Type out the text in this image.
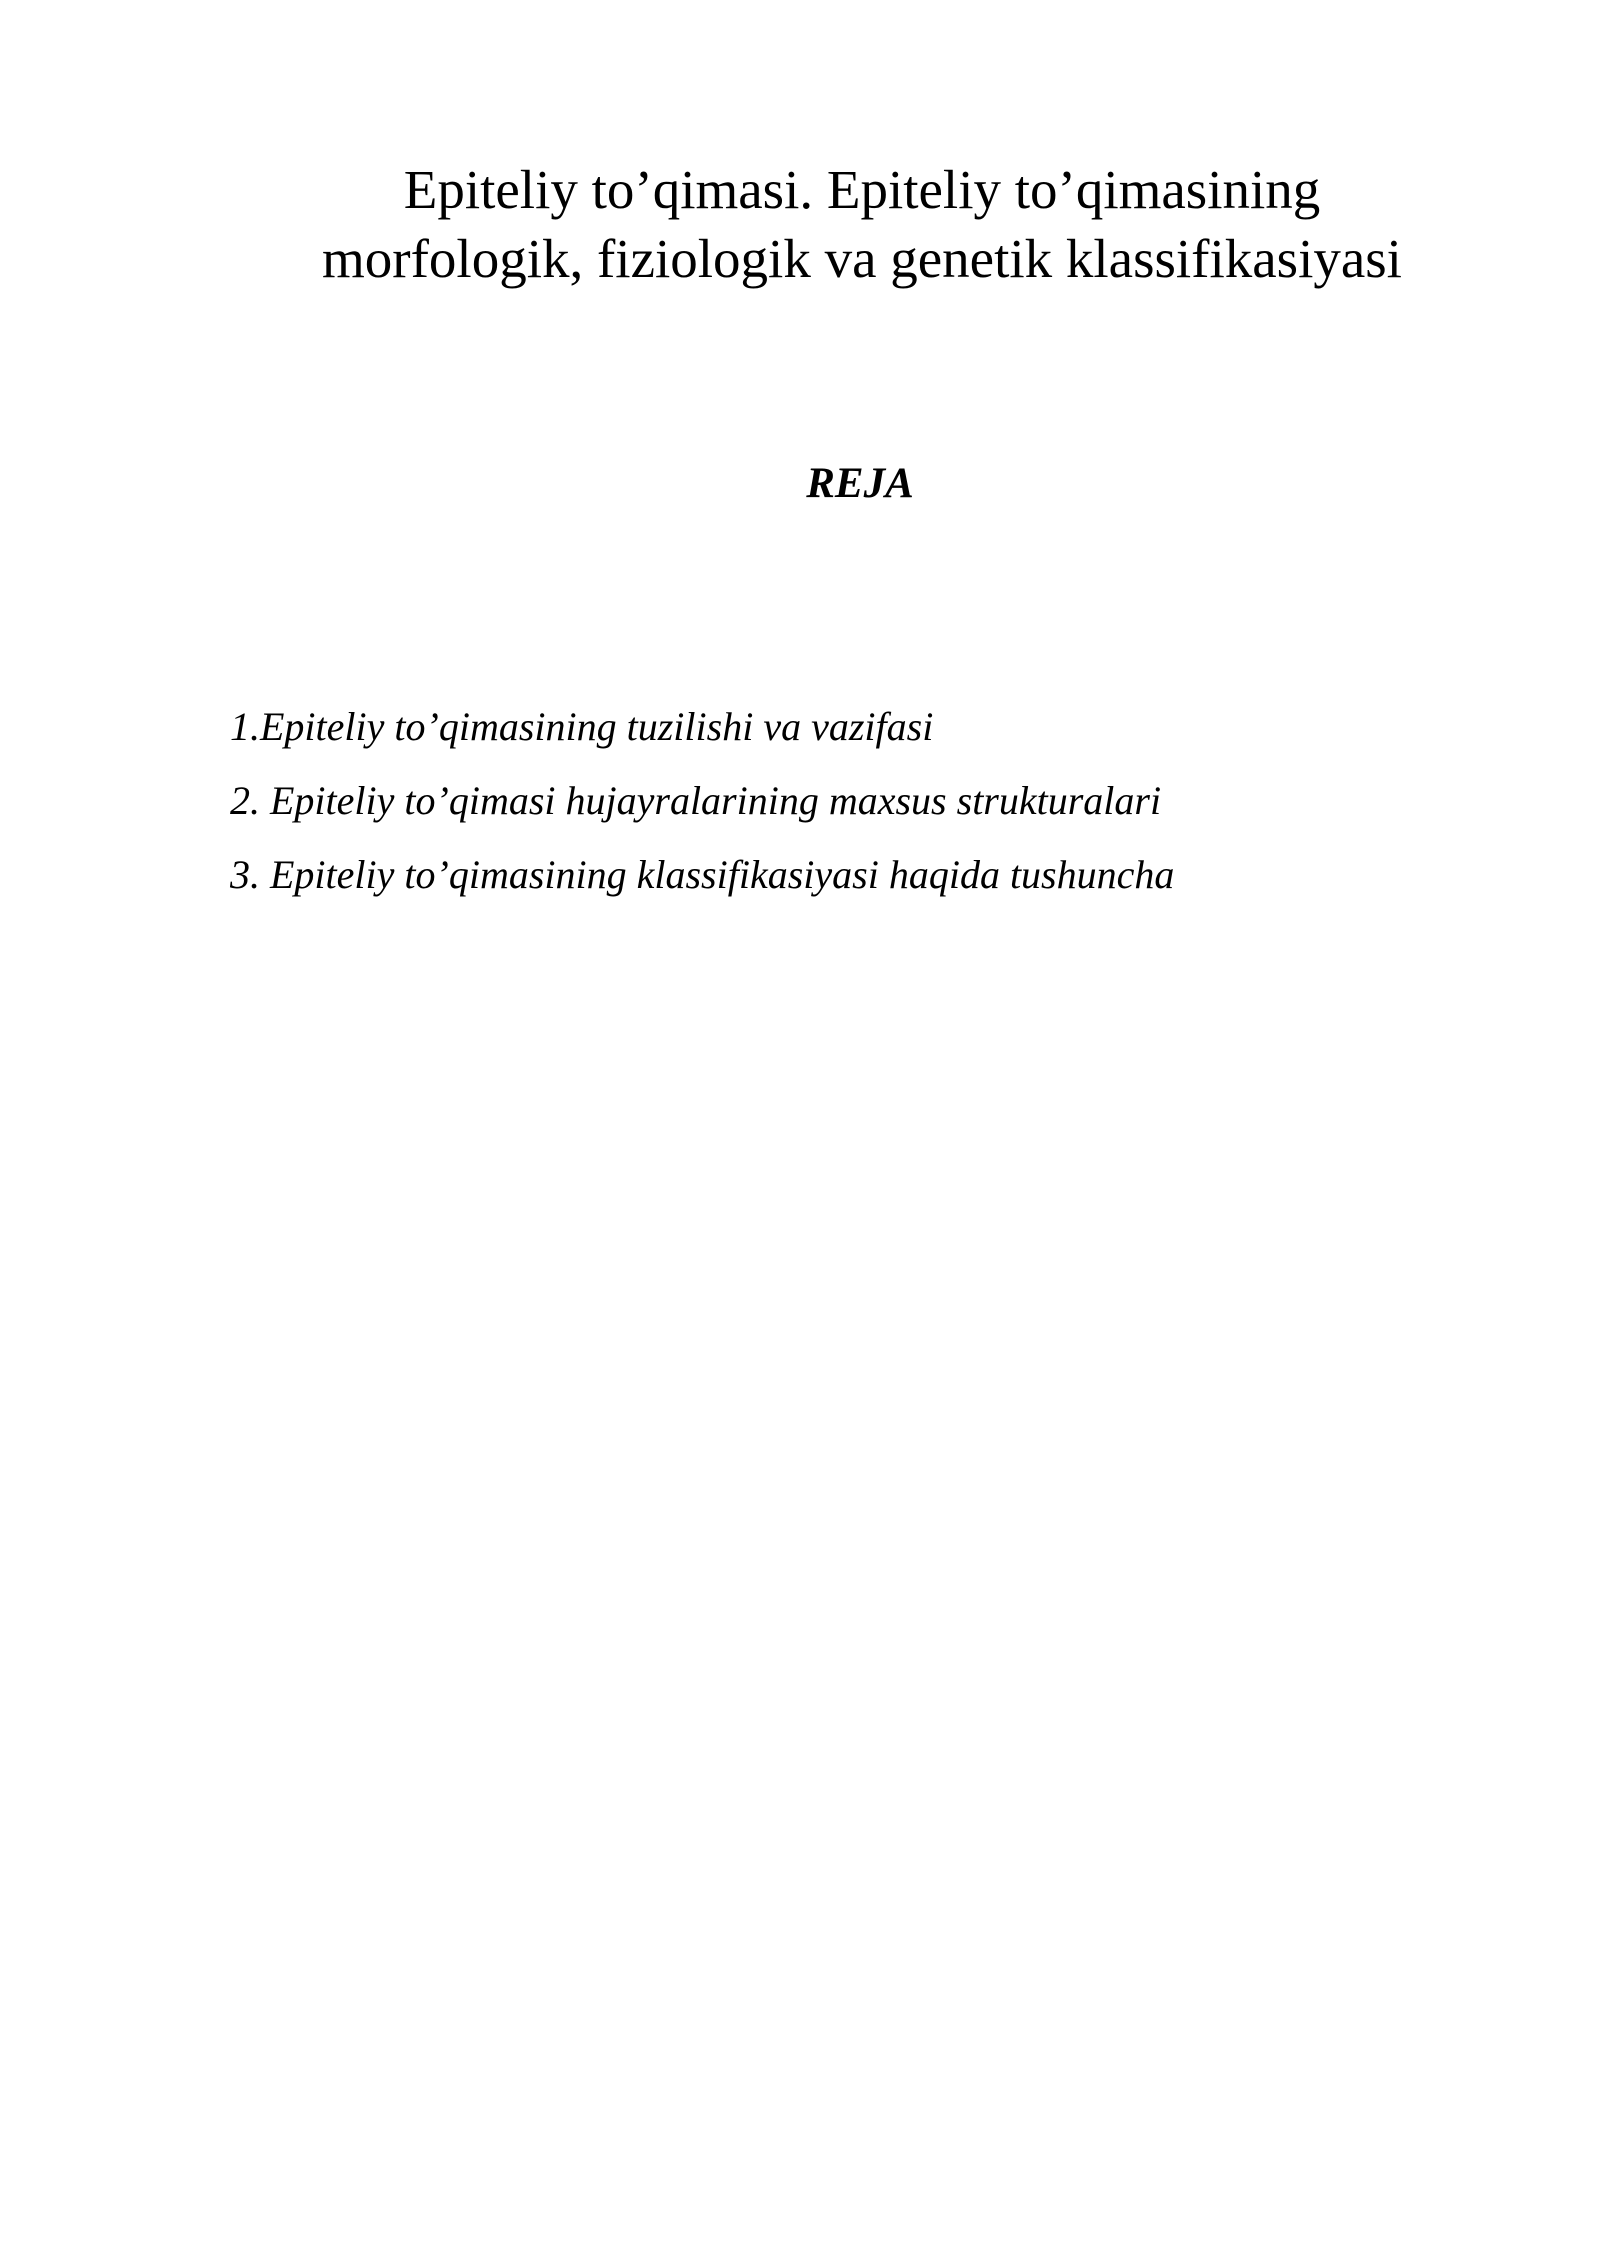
Epiteliy to’qimasi. Epiteliy to’qimasining
morfologik, fiziologik va genetik klassifikasiyasi
REJA
1.Epiteliy to’qimasining tuzilishi va vazifasi
2. Epiteliy to’qimasi hujayralarining maxsus strukturalari
3. Epiteliy to’qimasining klassifikasiyasi haqida tushuncha
